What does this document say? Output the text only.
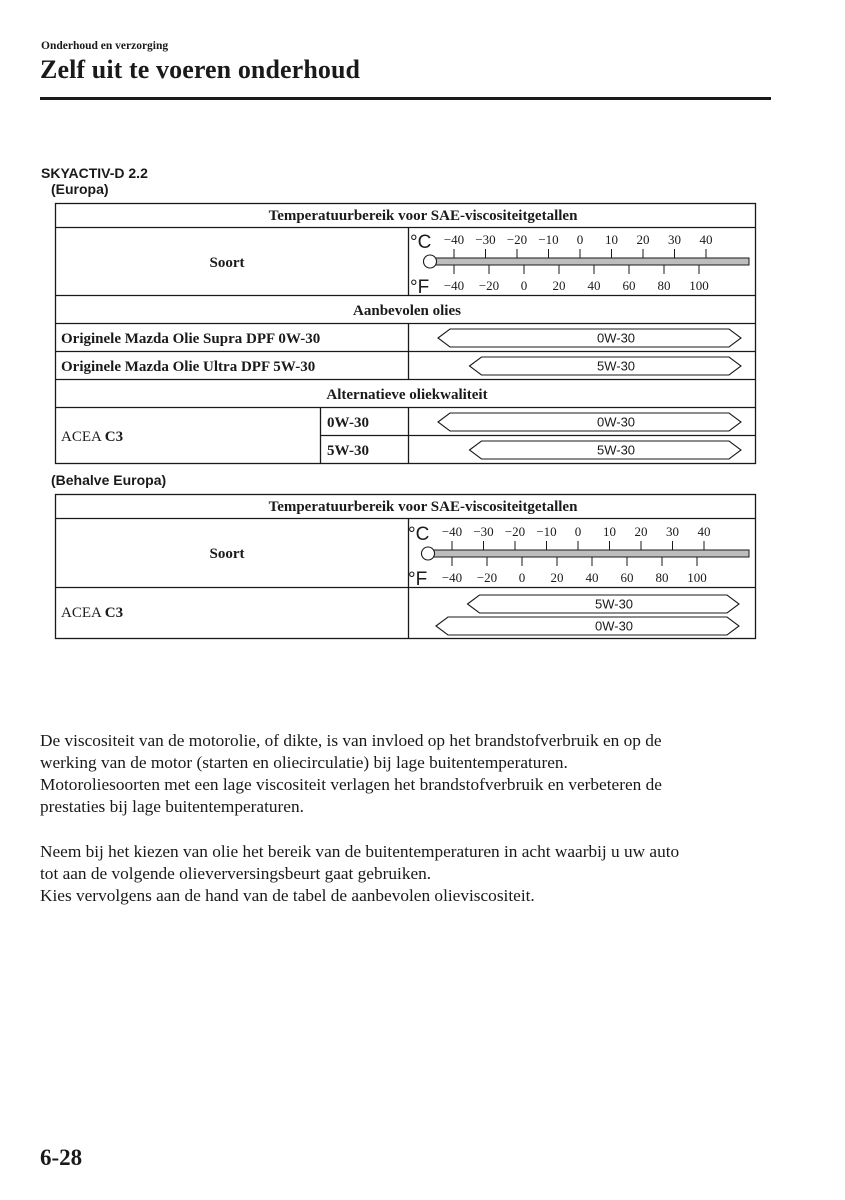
Onderhoud en verzorging
Zelf uit te voeren onderhoud
SKYACTIV-D 2.2
(Europa)
(Behalve Europa)
Temperatuurbereik voor SAE-viscositeitgetallen
Soort
°C
°F
−40 −30 −20 −10 0 10 20 30 40
−40 −20 0 20 40 60 80 100
Aanbevolen olies
Originele Mazda Olie Supra DPF 0W-30
Originele Mazda Olie Ultra DPF 5W-30
Alternatieve oliekwaliteit
ACEA C3
0W-30
5W-30
0W-30
5W-30
0W-30
5W-30
Temperatuurbereik voor SAE-viscositeitgetallen
Soort
°C
°F
−40 −30 −20 −10 0 10 20 30 40
−40 −20 0 20 40 60 80 100
ACEA C3
5W-30
0W-30
De viscositeit van de motorolie, of dikte, is van invloed op het brandstofverbruik en op de
werking van de motor (starten en oliecirculatie) bij lage buitentemperaturen.
Motoroliesoorten met een lage viscositeit verlagen het brandstofverbruik en verbeteren de
prestaties bij lage buitentemperaturen.
Neem bij het kiezen van olie het bereik van de buitentemperaturen in acht waarbij u uw auto
tot aan de volgende olieverversingsbeurt gaat gebruiken.
Kies vervolgens aan de hand van de tabel de aanbevolen olieviscositeit.
6-28
